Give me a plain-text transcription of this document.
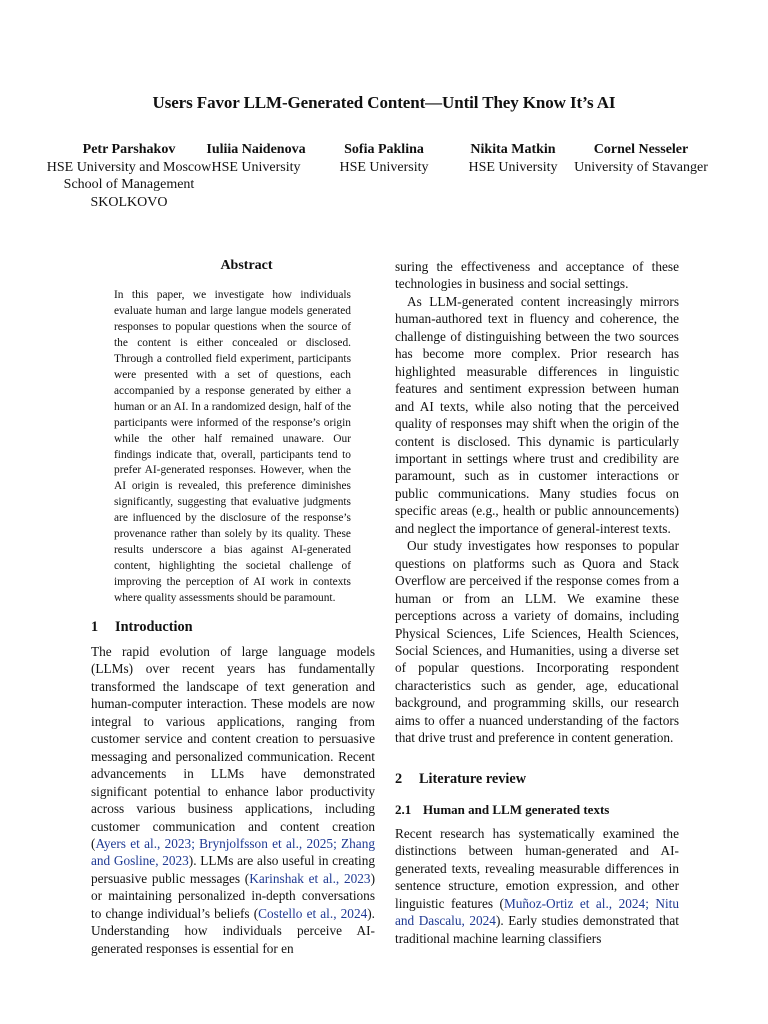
Users Favor LLM-Generated Content—Until They Know It’s AI
Petr Parshakov
HSE University and Moscow School of Management SKOLKOVO
Iuliia Naidenova
HSE University
Sofia Paklina
HSE University
Nikita Matkin
HSE University
Cornel Nesseler
University of Stavanger
Abstract

In this paper, we investigate how individuals evaluate human and large langue models generated responses to popular questions when the source of the content is either concealed or disclosed. Through a controlled field experiment, participants were presented with a set of questions, each accompanied by a response generated by either a human or an AI. In a randomized design, half of the participants were informed of the response’s origin while the other half remained unaware. Our findings indicate that, overall, participants tend to prefer AI-generated responses. However, when the AI origin is revealed, this preference diminishes significantly, suggesting that evaluative judgments are influenced by the disclosure of the response’s provenance rather than solely by its quality. These results underscore a bias against AI-generated content, highlighting the societal challenge of improving the perception of AI work in contexts where quality assessments should be paramount.

1 Introduction

The rapid evolution of large language models (LLMs) over recent years has fundamentally transformed the landscape of text generation and human-computer interaction. These models are now integral to various applications, ranging from customer service and content creation to persuasive messaging and personalized communication. Recent advancements in LLMs have demonstrated significant potential to enhance labor productivity across various business applications, including customer communication and content creation (Ayers et al., 2023; Brynjolfsson et al., 2025; Zhang and Gosline, 2023). LLMs are also useful in creating persuasive public messages (Karinshak et al., 2023) or maintaining personalized in-depth conversations to change individual’s beliefs (Costello et al., 2024). Understanding how individuals perceive AI-generated responses is essential for en

suring the effectiveness and acceptance of these technologies in business and social settings.

As LLM-generated content increasingly mirrors human-authored text in fluency and coherence, the challenge of distinguishing between the two sources has become more complex. Prior research has highlighted measurable differences in linguistic features and sentiment expression between human and AI texts, while also noting that the perceived quality of responses may shift when the origin of the content is disclosed. This dynamic is particularly important in settings where trust and credibility are paramount, such as in customer interactions or public communications. Many studies focus on specific areas (e.g., health or public announcements) and neglect the importance of general-interest texts.

Our study investigates how responses to popular questions on platforms such as Quora and Stack Overflow are perceived if the response comes from a human or from an LLM. We examine these perceptions across a variety of domains, including Physical Sciences, Life Sciences, Health Sciences, Social Sciences, and Humanities, using a diverse set of popular questions. Incorporating respondent characteristics such as gender, age, educational background, and programming skills, our research aims to offer a nuanced understanding of the factors that drive trust and preference in content generation.

2 Literature review
2.1 Human and LLM generated texts

Recent research has systematically examined the distinctions between human-generated and AI-generated texts, revealing measurable differences in sentence structure, emotion expression, and other linguistic features (Muñoz-Ortiz et al., 2024; Nitu and Dascalu, 2024). Early studies demonstrated that traditional machine learning classifiers
